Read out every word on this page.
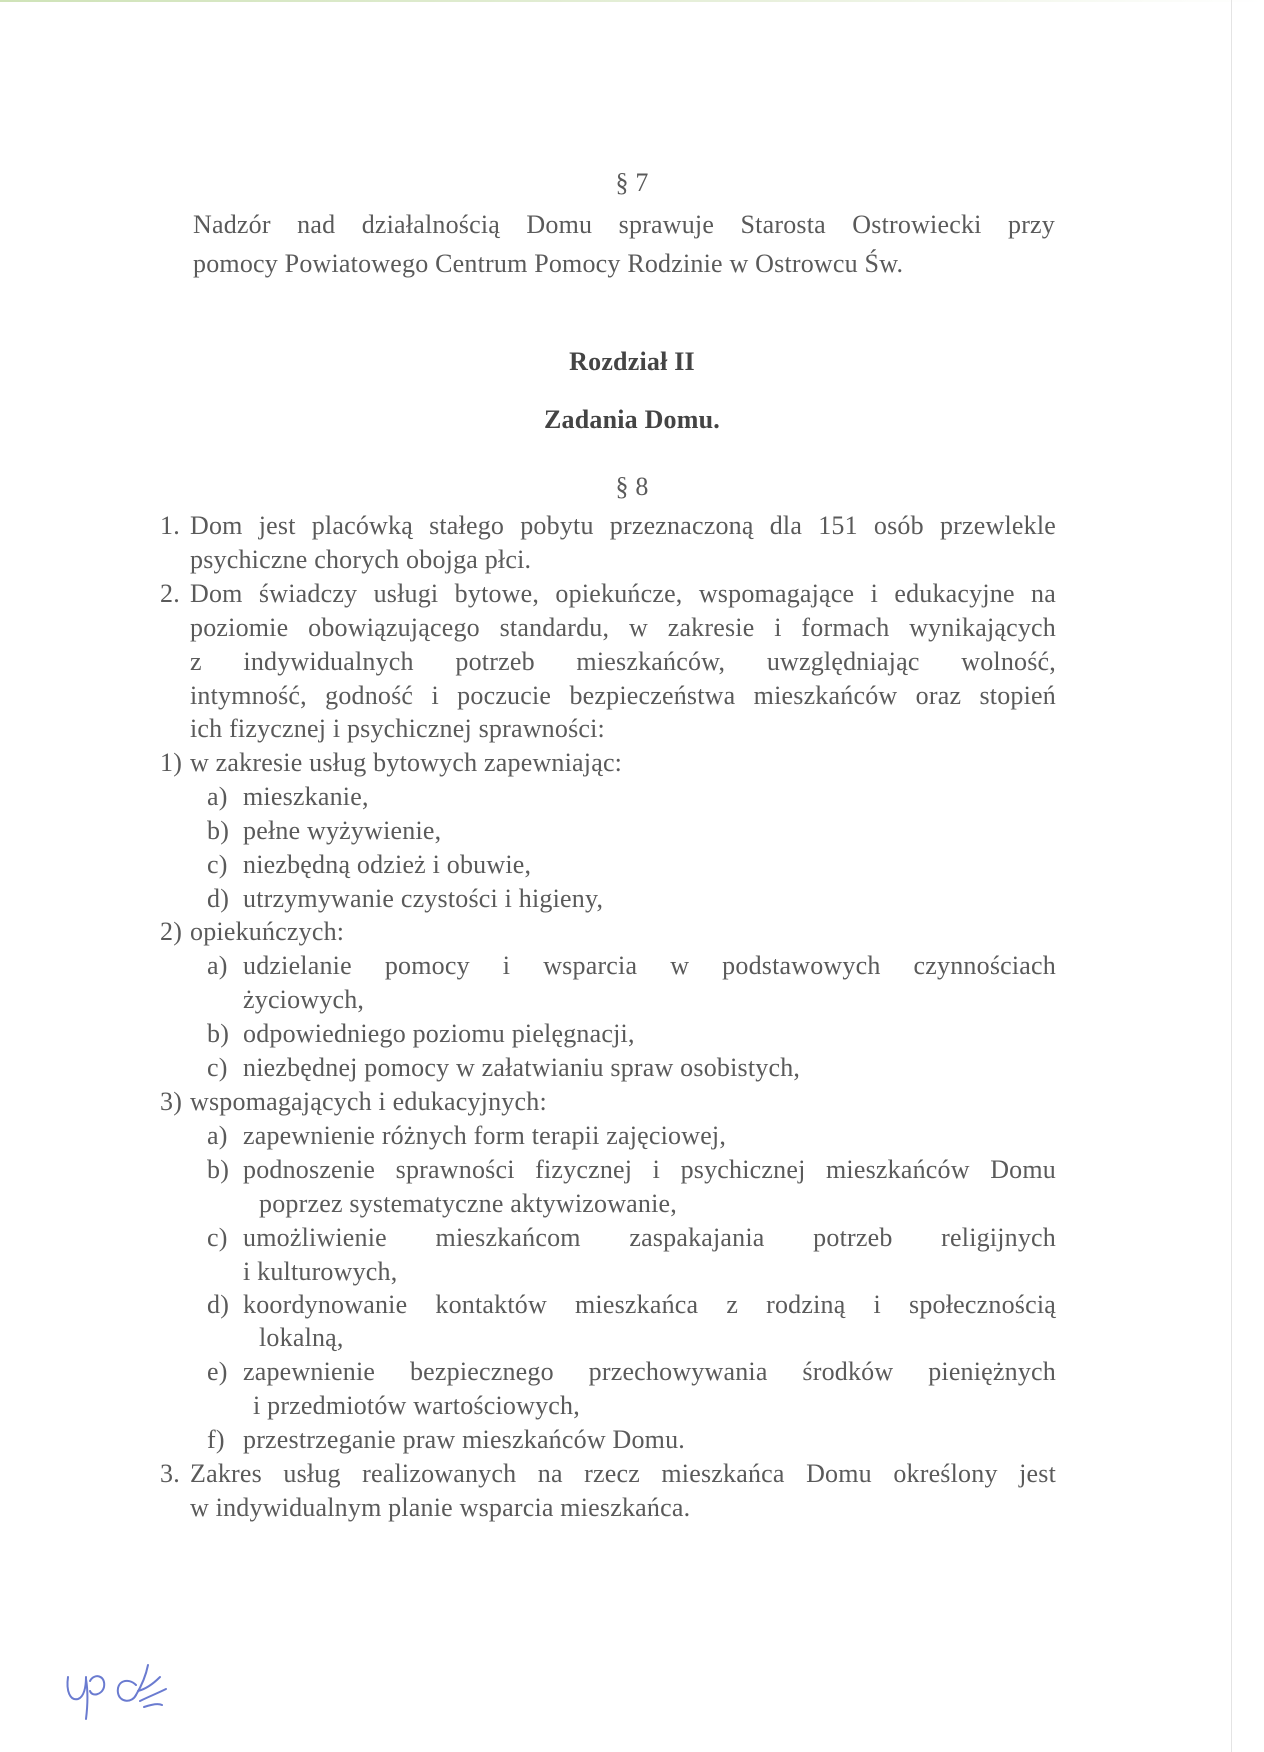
§ 7
Nadzór nad działalnością Domu sprawuje Starosta Ostrowiecki przy
pomocy Powiatowego Centrum Pomocy Rodzinie w Ostrowcu Św.
Rozdział II
Zadania Domu.
§ 8
1. Dom jest placówką stałego pobytu przeznaczoną dla 151 osób przewlekle
psychiczne chorych obojga płci.
2. Dom świadczy usługi bytowe, opiekuńcze, wspomagające i edukacyjne na
poziomie obowiązującego standardu, w zakresie i formach wynikających
z indywidualnych potrzeb mieszkańców, uwzględniając wolność,
intymność, godność i poczucie bezpieczeństwa mieszkańców oraz stopień
ich fizycznej i psychicznej sprawności:
1) w zakresie usług bytowych zapewniając:
a) mieszkanie,
b) pełne wyżywienie,
c) niezbędną odzież i obuwie,
d) utrzymywanie czystości i higieny,
2) opiekuńczych:
a) udzielanie pomocy i wsparcia w podstawowych czynnościach
życiowych,
b) odpowiedniego poziomu pielęgnacji,
c) niezbędnej pomocy w załatwianiu spraw osobistych,
3) wspomagających i edukacyjnych:
a) zapewnienie różnych form terapii zajęciowej,
b) podnoszenie sprawności fizycznej i psychicznej mieszkańców Domu
poprzez systematyczne aktywizowanie,
c) umożliwienie mieszkańcom zaspakajania potrzeb religijnych
i kulturowych,
d) koordynowanie kontaktów mieszkańca z rodziną i społecznością
lokalną,
e) zapewnienie bezpiecznego przechowywania środków pieniężnych
i przedmiotów wartościowych,
f) przestrzeganie praw mieszkańców Domu.
3. Zakres usług realizowanych na rzecz mieszkańca Domu określony jest
w indywidualnym planie wsparcia mieszkańca.
